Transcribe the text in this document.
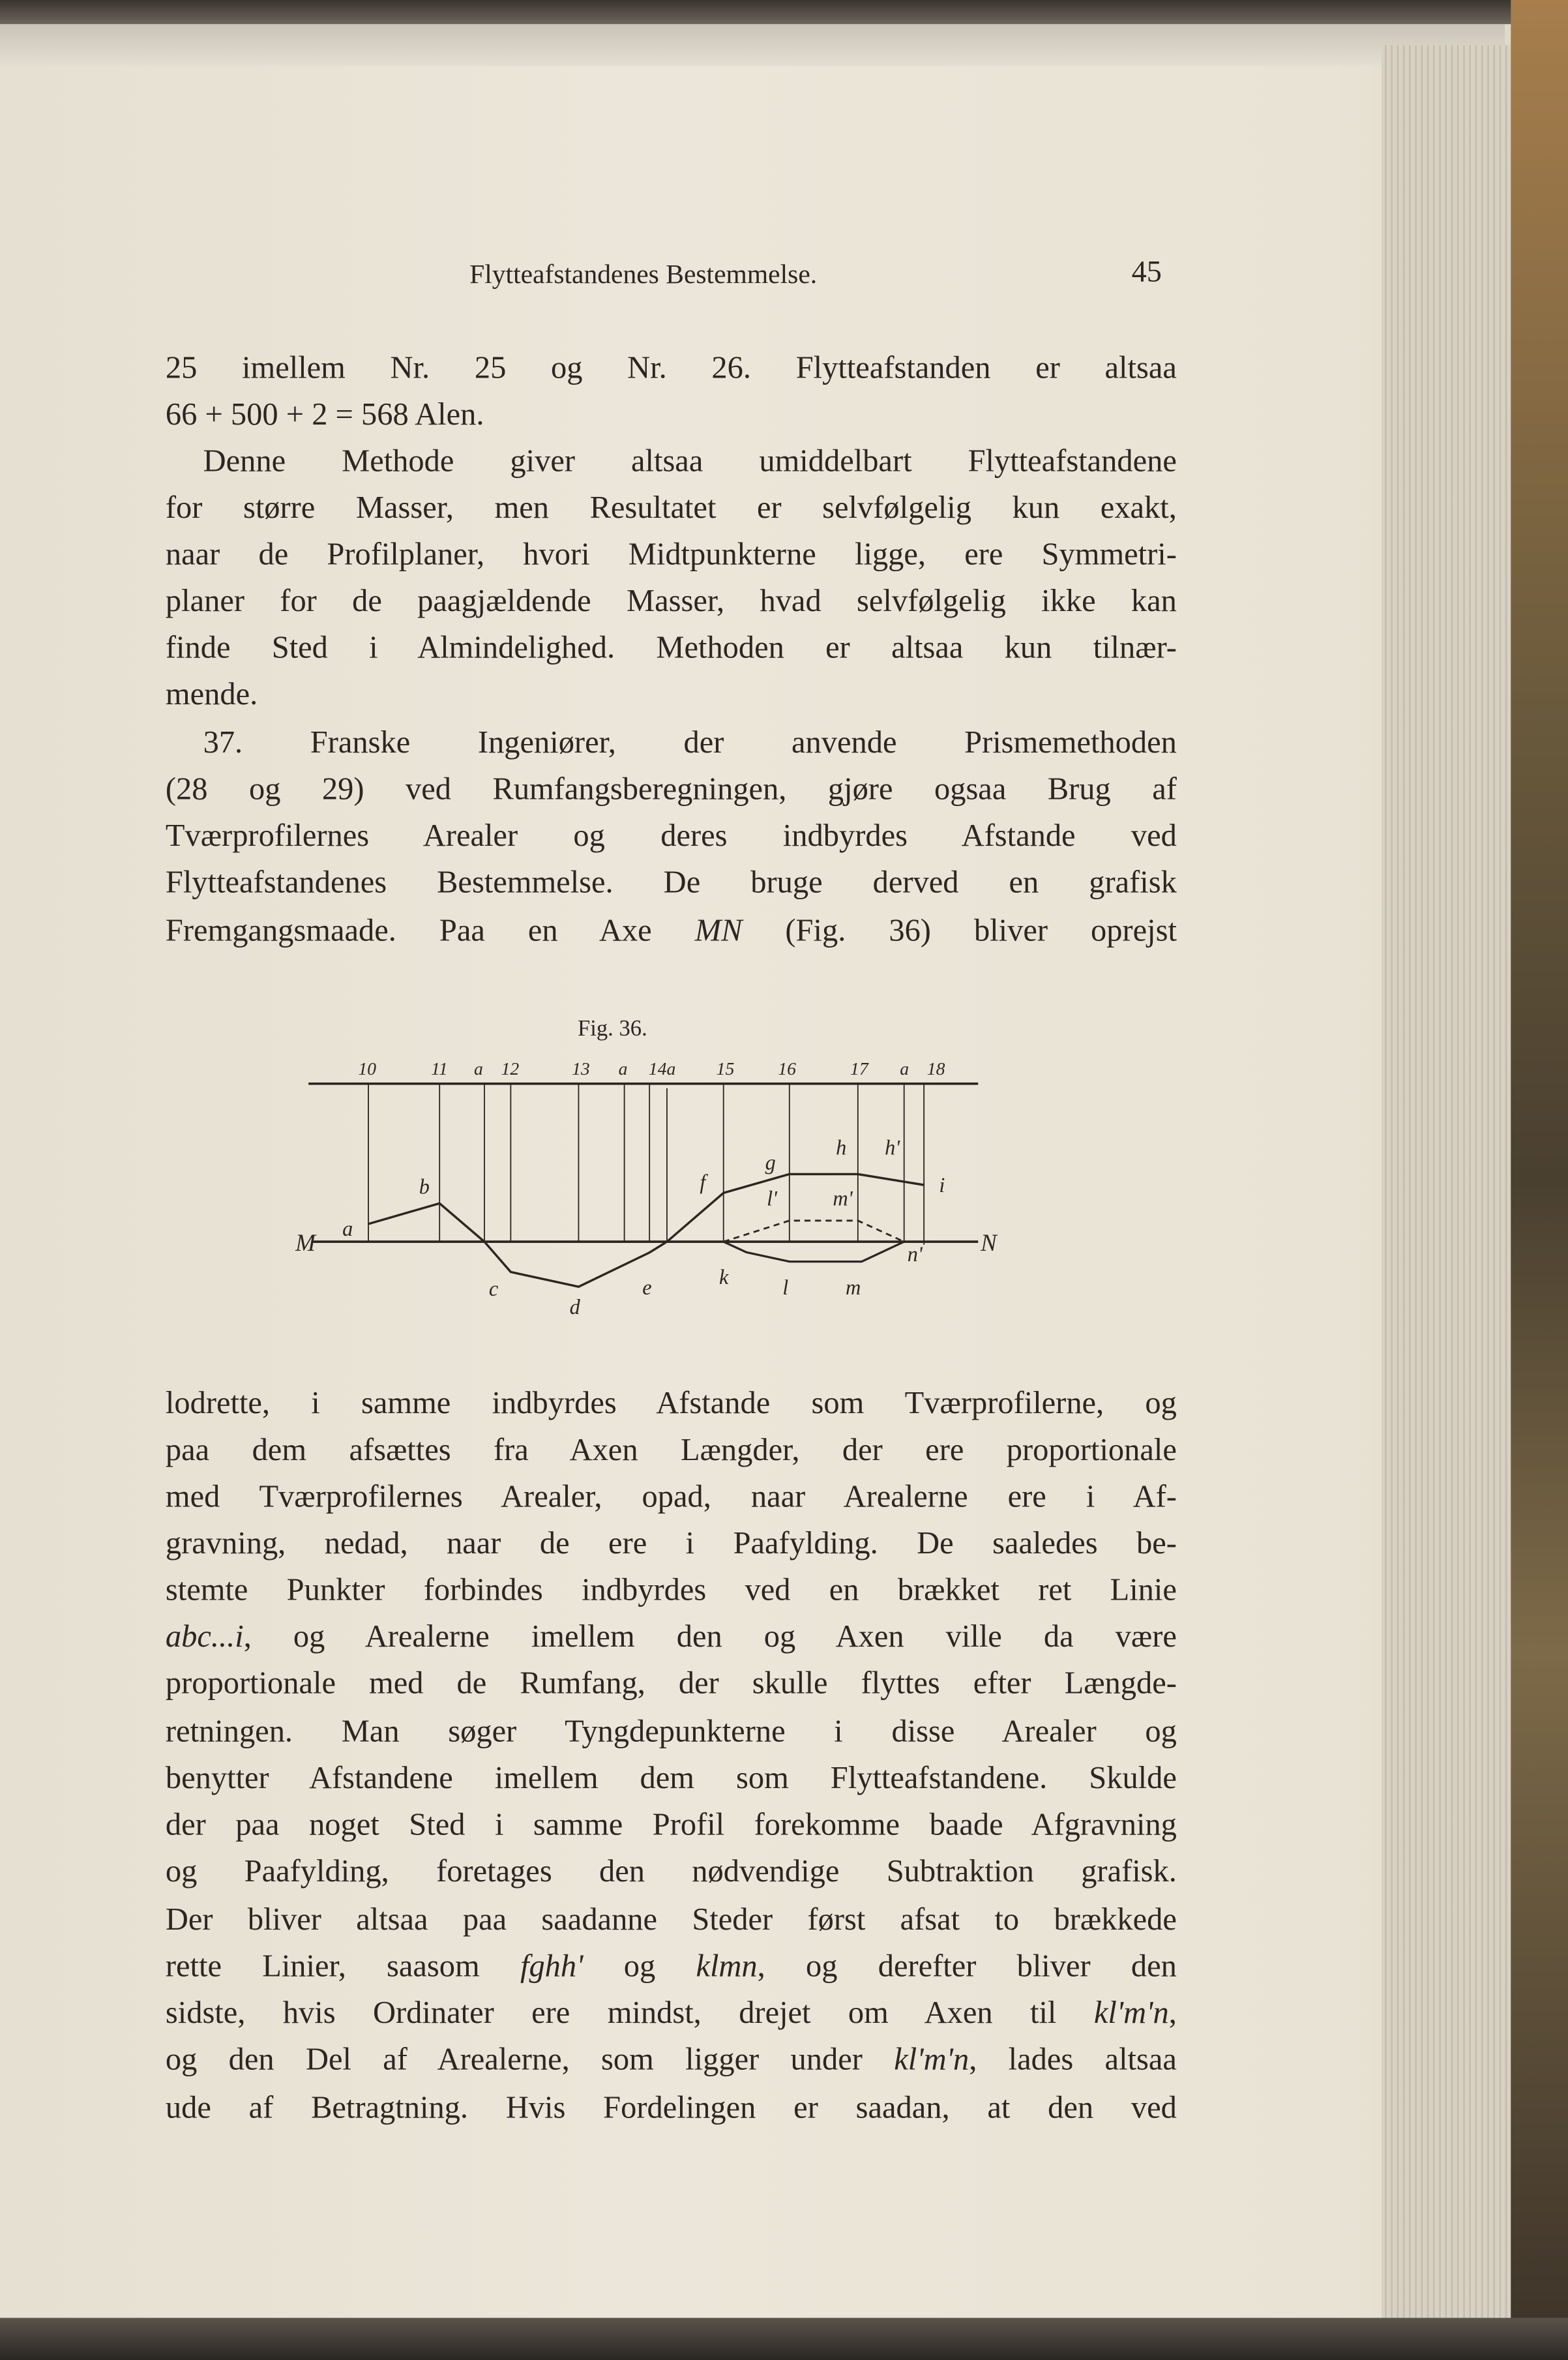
Flytteafstandenes Bestemmelse.	45
25 imellem Nr. 25 og Nr. 26. Flytteafstanden er altsaa
66 + 500 + 2 = 568 Alen.
Denne Methode giver altsaa umiddelbart Flytteafstandene
for større Masser, men Resultatet er selvfølgelig kun exakt,
naar de Profilplaner, hvori Midtpunkterne ligge, ere Symmetri-
planer for de paagjældende Masser, hvad selvfølgelig ikke kan
finde Sted i Almindelighed. Methoden er altsaa kun tilnær-
mende.
37. Franske Ingeniører, der anvende Prismemethoden
(28 og 29) ved Rumfangsberegningen, gjøre ogsaa Brug af
Tværprofilernes Arealer og deres indbyrdes Afstande ved
Flytteafstandenes Bestemmelse. De bruge derved en grafisk
Fremgangsmaade. Paa en Axe MN (Fig. 36) bliver oprejst
Fig. 36.
10	11	a 12	13	a	14a	15	16	17	a 18
a
b
c
d
e
f
g
h	h'
i
l'	m'
k	l	m
n'
M	N
lodrette, i samme indbyrdes Afstande som Tværprofilerne, og
paa dem afsættes fra Axen Længder, der ere proportionale
med Tværprofilernes Arealer, opad, naar Arealerne ere i Af-
gravning, nedad, naar de ere i Paafylding. De saaledes be-
stemte Punkter forbindes indbyrdes ved en brækket ret Linie
abc...i, og Arealerne imellem den og Axen ville da være
proportionale med de Rumfang, der skulle flyttes efter Længde-
retningen. Man søger Tyngdepunkterne i disse Arealer og
benytter Afstandene imellem dem som Flytteafstandene. Skulde
der paa noget Sted i samme Profil forekomme baade Afgravning
og Paafylding, foretages den nødvendige Subtraktion grafisk.
Der bliver altsaa paa saadanne Steder først afsat to brækkede
rette Linier, saasom fghh' og klmn, og derefter bliver den
sidste, hvis Ordinater ere mindst, drejet om Axen til kl'm'n,
og den Del af Arealerne, som ligger under kl'm'n, lades altsaa
ude af Betragtning. Hvis Fordelingen er saadan, at den ved
